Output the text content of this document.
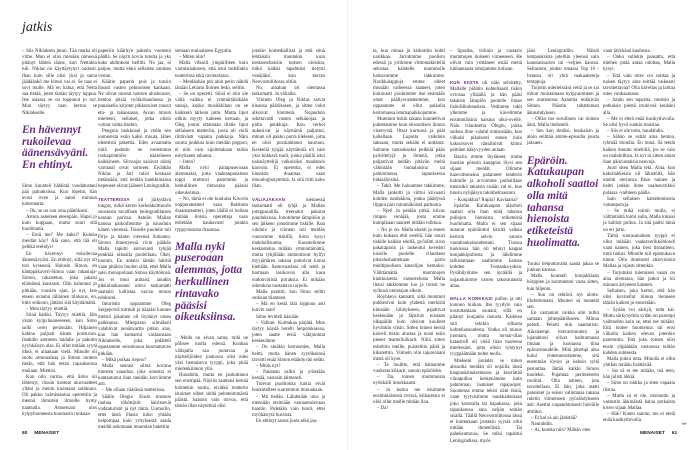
jatkis

– Siis Niklaksen jutun. Tää matka oli virhe. Mun ei olisi missään nimessä pitänyt lähteä tänne, kun Nettakin tuli. Niklas on käyttäytynyt oudosti. Ihan kuin sille olisi yksi ja sama jäädäänkö me kimoi vai ei. Se taas ei sovi mulle. Mä en halua, että Netta saa tietää, joten tämän täytyy loppua. Itse asiassa se on loppunut jo nyt. Mun täytyy vaan kertoa se Niklakselle.

En hävennyt rukoilevaa äänensävyäni. En ehtinyt.

Simo kuunteli hätäistä vuodatustani pää painuksissa. Kun lopetin, hän avasi oven ja sanoi minuun katsomatta:

– Ok, se on sun oma päätöksesi.

Astuin askeleen eteenpäin. Hapsi jo kuin kuppaan, mutta suuri sitä huolimatta.

– Entä me? Me kaksi? Kuinka meidän käy? Älä sano, että tää oli pelkkä erehdys!

En hävennyt rukoilevaa äänensävyäni. En ehtinyt, sillä nyt oli tosi kyseessä. Halusin Simon, en kämppäkaveri-Simoa vaan rakastaja-Simon, rakastetun, joka jakaisi elämänsä kanssani. Olin halunnut jo pitkään, vuosien ajan, ja nyt, kun eteeni avautui tällainen tilaisuus, en, hitto soikoon, jättäisi sitä käyttämättä.

– Mun täytyy miettiä.

Siinä kaikki. Täytyy miettiä. Jäin yksin kylpyhuoneeseen, kun Simo sulki oven perässään. Hiljainen kahina paljasti hänen poistuvan. Istahdin ammeen laidalle ja pakotin nyyhkäisyn alas. Ei ollut mitään syytä itkeä, ei ainakaan vielä. Minulle oli suotu armonaikaa ja Simon tuntien tiesin, että hän tekisi lupauksensa mukaan. Miettisi.

Kun olin varma, että Simo oli lähtenyt, riisuin kosteat alusvaatteet yltäni ja menin kuomaan suihkuun. Oli pakko valmistautua operettiin ja mennä ihmisten ilmoille hymy naamalla. Astuessani ulos kylpyhuoneesta huomasin ruokaan

paperiin käärityn paketin vuoteeni päällä. Se näytti kovin tutulta ja yks kaks ahdinkoni hellitti. No jaa, ei paljon, mutta ehkä sellaisen tuuman verran.

Käärin paperin pois ja tunsin ihoani vasten pehmoisen kankaan. Ne olivat mustat naisten alushousut, hentoa pitsiä vyötärönauhassa ja punaisella kirjotut pikkuruiset ruusut etu- ja takaosassa. Aivan minun mieleeni, sellaiset, jotka olisin voinut valita itsekin.

Pengoin laukkuani ja vedin sen uumenista esiin kaksi muuta, lähes identtistä pakettia. Edes avaamatta niitä pudotin ne molemmat roskapönttöön kääreineen kaikkineen. Siivoojat saisivat niistä varmasti oivat sormeet. Eiväthän Niklas ja Jari tulisi koskaan tietämään, että heidän hankkimansa hepeneet olivat jääneet Leningradiin.

TEATTERISSA oli järkyttävä tungos, mikä kertoi korkeakulttuurin suosiosta tavallisen leningradilaisen kansan parissa. Astelin Mallan kanssa paikoillemme ja istuuduin hänen vierensä. Toiselle puolelle tuli Pirjo ja hänen vierensä Suhonen. Simon ilmestyessä rivin päähän Malla taputti kutsuvasti tyhjää penkkiä oikealla puolellaan. Okei, tuumin. En antaisi tämän häiritä vaan pitäisin huolen siitä, ettei Malla saisi monopoliaan Simoa käyttöönsä. Jos ei muu auttaisi, ainakin pikkulaukussani oleva taskumatti saattaisi kallistaa vaa'an minun edukseni.

Inturistin oppaamme Oleg Sergejevitš tuittuili ja hääräsi kunnes meistä jokainen oli löytänyt oman paikkansa. Miesparan silmälasit valahtivat nenänvartta pitkin alas, kun hän kumartui vastaamaan Niklakselle, joka pidätteli opastamme seisomassa huomattavan pitkään.

– Mikä poikaa riepoo?

Malla seurasi silmä kovana miesten sanailua, joka onneksi ei kantautunut ihan meidän korviimme asti.

– Me ollaan väärässä teatterissa.

Säälin Olegia. Ensin museon raubaa röhöttävät häiritsevät vodkaturistit ja nyt tämä. Uumoilin, ettei tästä illasta tulisi yhtään helpompaa kuin yrityksestä saada meidät uskomaan muumien balettiin

semaan muinaiseen Egyptiin.

– Miten niin?

Malla vilkuili ympärilleen kuin varmistaakseen, että istui todellakin teatterissa eikä ravintolassa.

– Meidänhän piti alun perin nähdä tänään Lehárin Iloinen leski, selitin.

– Se on operetti. Siinä ei niin ole väliä vaikka ei ymmärtäisikään sanoja, koska musiikkihan on se kaikkein tärkein juttu. Mutta liput olikin myyty kahteen kertaan, ja Oleg joutui ottamaan tilalle liput sellaiseen teatteriin, jossa oli vielä riittävästi vapaita paikkoja. Näin suurta joukkoa kuin meidän poppoo, ei niin vain sijoitetakaan mihin esitykseen tahansa.

– Joten?

Malla nyki paitapuseroaan alemmaksi, jotta vaaleanpunainen toppi erottuisi paremmin ja herkullinen rintavako pääsisi oikeuksiinsa.

– No, tämä ei ole kuuluisa Kirovin oopperateatteri vaan Bolshoin draamateatteri, joten täällä ei hoilata mitään iloisia operetteja vaan esitetään kaukavasti jotakin ryppyotsaista draamaa.

Malla nyki puseroaan alemmas, jotta herkullinen rintavako pääsisi oikeuksiinsa.

– Mulle on aivan sama, mitä ne pölisee tuolla edessä. Kunhan väliajalla saa juotavaa ja näyttelijöiden joukossa olisi edes yksi hemaiseva tyyppi, joka pitää mielenkiinnon yllä.

Huoahdin, mutta en jankuttanut sen enempää. Näytös saattaisi kestää kolmekin tuntia, eivätkä teatterin istuimet olleet sieltä pehmeimmästä päästä. Saatoin vain toivoa, että tämän illan näytelmä olisi

jotakin komediallista ja että siinä tehtäisiin muutakin kuin keskusteltaisiin totisen oloisina, mikä kaikki tapahtuisi tietysti venäjäksi, kun kerran Neuvostoliitossa oltiin.

No, ainahan oli olemassa taskumatti. Ja väliaika.

Viimein Oleg ja Niklas saivat kinansa päätökseen, ja sitten valot alkoivat himmetä. Nojauduin odottavasti vasten selkänojaa ja pidin peukkuja. Kun verhot aukesivat ja näyttämö paljastui, minun oli pakko purra kieleeni, jotta en olisi purskahtanut nauruun. Keskellä tyhjää näyttämöä oli vain yksi kökkerä tuoli, jonka päällä istui naisnäyttelijä valkoisiksi maalatuin kasvoin. Ei operettia, ei edes klassista draamaa vaan monologinäytelmä. Ja sitä riitti koko illan.

VÄLIAJAKAAN mennessä taskumatti oli tyhjä ja Mallan jumppasalilla treenatut pakarat puuduksissa. Jonotimme lämpiöön ja sen jälkeen jonotimme tiskille. Kun vihdoin ja viimein tuli meidän vuoromme tiskillä, Simo kysyi mahdollisuutta. Kuuntelimme keskustelua mitään ymmärtämättä, mutta tyhjillään ammottavat hyllyt myyjättären takana puhuivat karua kieltään. Samovaarissa oli teetä ja harmaan lasikuvun alla kasa oudonvärisiä piiraksia. Ei mikään odotuksia nostattava tarjoilu.

Malla parahti, kun Simo selitti surkean tilanteen.

– Mä en kestä tätä loppuun asti kuivin suin!

Simo levitteli käsiään.

– Valitan. Koittakaa pärjätä. Mun täytyy käydä hotelli helpotuksessa, joten saatte etsiä väkijuomat keskenänne.

– On sinäkin herrasmies, Malla heitti, mutta hänen syytöksensä tavoitti enää Simon etääntyvän selän.

– Mitäs nyt?

– Palataan saliin ja yritetään kestää, vastasin laimeasti.

Tulevat puolitoista tuntia eivät houkutelleet suuremmin minuakaan.

– Mä tiedän. Lähdetään ulos ja mennään etsimään vastaantulevaan baariin. Pidetään vain huoli, ettei myöhästytä bussista.

En ehtinyt sanoa juuta eikä jaa-

60 MENAISET

ta, kun minua jo kiskottiin kohti narikkaa. Jarrutimme puolisin edessä ja yritimme viittomakielellä selostaa kahdelle mummolle haluavamme takkimme. Narikkalappuja emme olleet missään vaiheessa saaneet, joten kuitavasti jouduimme itse etsimään omat päällysvaatteemme, kun oppaamme ei ollut paikalla kertomassa istumapaikkojamme.

Mummot tiskin takana kuuntelivat puhettamme kuin eksoottisen linnun viserrystä. Otsat kurtussa ja päät kallellaan. Lopulta vaihdoin saksaan, mutta sekään ei auttanut. Saimme vastaukseksi pelkkiä pään pyörittelyjä ja ilmeitä, jotka paljastivat heidän pitävän meitä vähintään humalaisina tai pahimmassa tapauksessa hidasälyisinä.

– Takit. Me haluamme takkimme, Malla jankutti ja viittoi kiivaasti kohden naulakkoa, jonka päädyssä riippui pari tutunnäköistä palttoota.

– Njet! Ja perään pitkä, kiivas rimpsu venäjää, josta emme kumpikaan saaneet mitään tolkkua.

– No jo on. Malla ehahti ja ennen kuin kukaan ehti estellä, hän nousi tiskille kaikku edellä, pyörähti siron pakaraparin ja laskeutui keveästi toiselle puolelle vilauttaen pitsialushameitaan parin mieltipuolisen katselijan riemoksi. Välittämättä mummojen kiukkuisesta vastustelusta Malla riensi takkiemme luo ja rutisti ne syliinsä omistajan elkein.

Röyhkeys kannatti, sillä mummot puhkesivat kuin yhdestä merkistä kimeään hihitykseen, pajattivat keskenään ja läpsivät toisiaan olkapäille kuin olisivat kuulleet hyvänkin vitsin. Sitten toinen heistä kaiveli tiskin alustaa ja nosti esiin pienet teatterikiikarit. Niitä sitten esiteltiin meille, puisteltiin päitä ja kikatettiin. Viimein olin tajuavinani mistä oli kyse.

– Te luulitte, että haluamme vuokrata kiikarit, sanoin epäröiden.

– Da, toinen mummoista nyökkäili innokkaasti.

– Ja koska me istuimme ensimmäisessä rivissä, kiikareista ei olisi ollut meille mitään iloa.

– Da!

– Spasiba, virkoin ja vastasin mummojen iloiseen virneeseen. He olivat vain yrittäneet estää meitä tuhlaamasta rahojamme turhaan.

KUN KIISTA oli näin selvitetty, Mallalle pidätin kohteliaasti tiskin oviosaa ylhäällä ja hän pääsi takaisin lämpiön puolelle ilman lisävälikohtauksia. Vedimme takit yllemme ja kävelimme ensimmäisinä naisina ulko-ovelle. Näin vilaukselta Olegin, jonka surkea ilme valahti entisestään, kun vilkaisi pikaisesti ennen kuin kaksoisovet ränsähtivät kiinni peittäen näkyvyyden aulaan.

Baaria emme löytäneet, mutta mustan pörssin kauppias löysi sen sijaan meidät. Olimme haavoittuneina palanneet teatterin kulmille ja arvoimme parhaillaan menisikö takaisin sisään vai ei, kun tunsin nyhjäisyn takinhelmassani.

– Konjakkia? Rupla? Kaviaaria?

Epäröin. Katukaupan alkoholi saattoi olla ihan mitä tahansa pullojen hienoista etiketeistä huolimatta. Malla ei sen sijaan antanut epäröintini häiritä vaikka kerroin selvin sanoin vastahankaisuudestani. Tuossa tuokiossa hän oli tehnyt kaupat konjakkipullosta ja lähdimme tallustamaan saaliimme kanssa kohden Fontanka-jokea. Pysähdyimme sen äyräällä ja nojauduimme vasten takorautaista aitaa.

MALLA KORKKASI pullon ja otti kunnon huikan. Itse tyydyin vain kostuttamaan suutani, sillä en pitänyt konjakin mausta. Kaikkea sitä tekikin silkasta kohteliaisuudesta. Vodka oli minun juomani, mutta torstai-illan katastrofi oli vielä liian tuoreena mielessäni, jotta olisin ryhtynyt ryyppäämään toden teolla.

Mieleeni juolahti se miten absurdia meidän oli nojailla tässä kaupunkimaisemassa ja kierrättää viinapulloa keskenämme kuin pahimman laatuiset rapajuopot. Suomessa emme tekisi näin ikinä, vaan tyytyisimme naukkailemaan joko kotosalla tai kapakassa, joka tapauksessa aina neljän seinän sisällä. Täällä Neuvostoliitossa tässä ei kuitenkaan jostakin syystä ollut mitään ihmeellistä. Tai paheksuttavaa. Se mikä tapahtui Leningradissa, myös

jäisi Leningradiin. Näistä tempauksista juteltiin yleensä vain kanssasisarien tai -veljien kanssa. Sellaisten, joiden omassa Top 10 -listassa oli yhtä makaabereja temppuja.

Tuijotin mietteissäni vettä ja se sai minut muistamaan kylpyammeen ja sen uumenissa Aatamia leikkivän Simon. Päästin tahattoman äännahdyksen.

– Oliko tuo surullinen vai iloinen ääni, Malla tiedusteli.

– Sen kun tietäisi, huokaisin ja aloin selittää amme-episodia juurta jaksaen.

Epäröin. Katukaupan alkoholi saattoi olla mitä tahansa hienoista etiketeistä huolimatta.

Tuntui helpottavalta saada jakaa se jonkun kanssa.

Malla kuunteli konjakkiaan hörppien ja kommentoi vasta sitten, kun hiljenin.

– Sun on tehtävä nyt aloite. Ehdottomasti. Muuten sä menetät sen.

En vastannut vaikka olin tullut samaan johtopäätökseen. Minua pelotti. Pelotti niin saamaristi. Aikaisempi itsevarmuuteni ja lujatahtoni olivat haihtumassa ilmaan ja luomassa tilaa epävarmuudelle. Mitä pitempi aika kului yhteenotostamme, sitä enemmän löysin ja keksin syitä peruuttaa. Jättää kaikki Simon huoleksi. Pujahtaa perinteiseen rooliini. Olla nainen, jota tavoitellaan. Ei hän, joka asetti panokset ja seisoi valintansa takana ruletin viimeiseen pyörähdykseen asti. Asettui vapaaehtoisesti häviölle alttiiksi.

– Et kai sä aio jänistää?

Naurahdin.

– Ai, kuinka niin? Mähän olen

vaan jäykkänä kauhusta.

– Onko sullekin paasattu, että miehen pitää antaa odottaa, Malla kysyi.

– Että vain mies voi soittaa ja naisen täytyy aina esittää vaikeasti tavoitettavaa? Olla hävelias ja laittaa mies vonkaamaan.

– Jotain sen tapaista, mutisin ja potkaisin pientä irtokiveä kenkäni alla.

– Me ei eletä enää kasikytluvulla. Se olisi hyvä sunkin muistaa.

– Siis ei ole totta, huudahdin.

– Sähän se esität aina hentoa, tyhmää blondia. En minä. Sä teetät kaiken duunin miehillä, jos se vain on mahdollista. Ja nyt sä sitten annat ihan päinvastaisia neuvoja.

Juuri siten Malla teki. Aina, kun kaksilahkeisia oli lähistöllä, hän unohti olevansa fiksu nainen ja heitti jonkin ihme vaaleaverikkö pulassa -vaihteen päälle.

Sain sellaisen katselemisesta vatsanpuruja.

– Se mikä toimii mulla, ei välttämättä toimi sulla, Malla tokaisi ja kallisti pulloa. Ja sitä paitsi tämä on eri juttu.

Tämä suorasanainen tyyppi ei ollut mikään vaaleaverikköblondi vaan nainen, joka tiesi tismalleen, mitä halusi. Minulle tuli epämukava tunne. Olin ilmeisesti aliarvioinut Mallaa ja rajusti sittenkin.

– Torjutuksi tulemisen vaara on aina olemassa, hän jatkoi ja loi minuun ärtyneen katseen.

Sellaisen, joka kertoi, että hän olisi kuvitellut minun tienneen tämän kaiken jo ennestään.

– Sydän voi särkyä, totta kai. Mutta särkynytkin sydän on parempi vaihtoehto kuin se, ettei tee mitään. Että luulee huomenna tai ensi viikolla kaiken olevan jotenkin paremmin. Että joku toinen olisi ensin ylipäätään vastuussa teidän kahden suhteesta.

Malla puhui totta. Minulla ei ollut yhtikäs mitään lisättävää.

– Jos sä et tee mitään, mä teen, hän julisti äkkiä.

– Simo on sinkku ja siten vapaata riistaa.

– Mutta sä et ole, muistutin ja vastustin äkkinäistä halua potkaista kiven sijaan Mallaa.

– Hah! Kuten sanoin, me ei eletä enää kasikytluvulla.

MENAISET 61
▸▸
